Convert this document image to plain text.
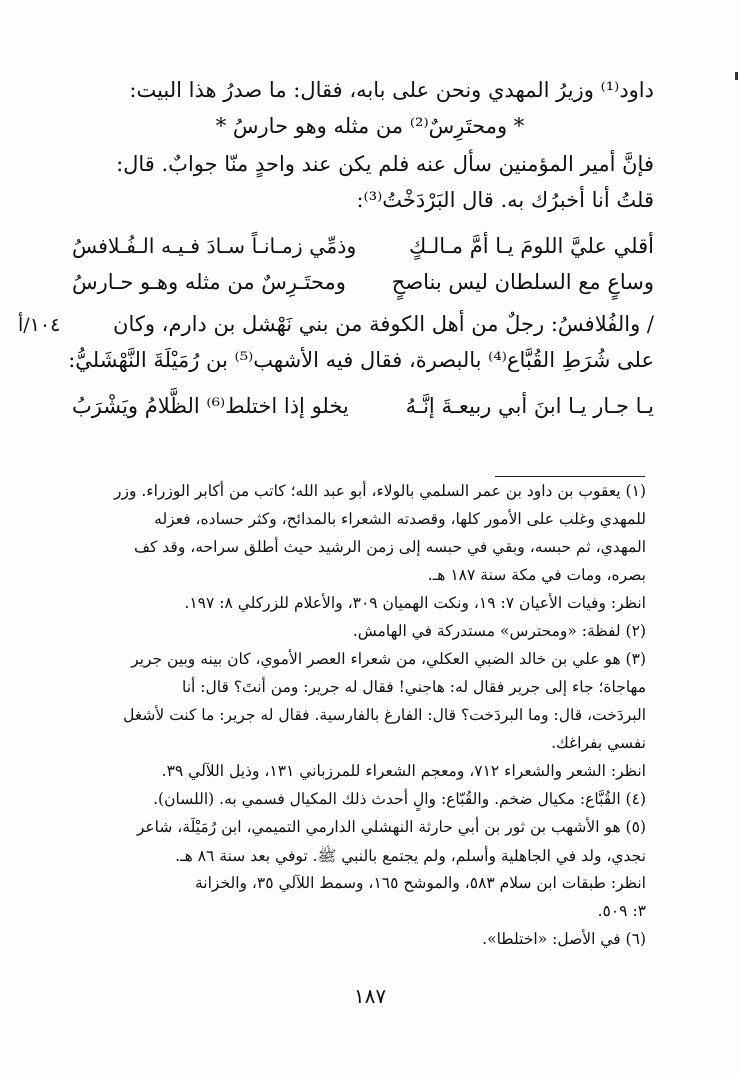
داود⁽¹⁾ وزيرُ المهدي ونحن على بابه، فقال: ما صدرُ هذا البيت:
* ومحتَرِسٌ⁽²⁾ من مثله وهو حارسُ *
فإنَّ أمير المؤمنين سأل عنه فلم يكن عند واحدٍ منّا جوابٌ. قال:
قلتُ أنا أخبرُك به. قال البَرْدَخْتُ⁽³⁾:
أقلي عليَّ اللومَ يـا أمَّ مـالـكٍ
وذمِّي زمـانـاً سـادَ فـيـه الـفُـلافسُ
وساعٍ مع السلطان ليس بناصحٍ
ومحتَـرِسٌ من مثله وهـو حـارسُ
١٠٤/أ	/ والفُلافسُ: رجلٌ من أهل الكوفة من بني نَهْشل بن دارم، وكان
على شُرَطِ القُبَّاع⁽⁴⁾ بالبصرة، فقال فيه الأشهب⁽⁵⁾ بن رُمَيْلَةَ النَّهْشَليُّ:
يـا جـار يـا ابنَ أبي ربيعـةَ إنَّـهُ
يخلو إذا اختلط⁽⁶⁾ الظَّلامُ ويَشْرَبُ
(١) يعقوب بن داود بن عمر السلمي بالولاء، أبو عبد الله؛ كاتب من أكابر الوزراء. وزر
للمهدي وغلب على الأمور كلها، وقصدته الشعراء بالمدائح، وكثر حساده، فعزله
المهدي، ثم حبسه، وبقي في حبسه إلى زمن الرشيد حيث أطلق سراحه، وقد كف
بصره، ومات في مكة سنة ١٨٧ هـ.
انظر: وفيات الأعيان ٧: ١٩، ونكت الهميان ٣٠٩، والأعلام للزركلي ٨: ١٩٧.
(٢) لفظة: «ومحترس» مستدركة في الهامش.
(٣) هو علي بن خالد الضبي العكلي، من شعراء العصر الأموي، كان بينه وبين جرير
مهاجاة؛ جاء إلى جرير فقال له: هاجني! فقال له جرير: ومن أنتَ؟ قال: أنا
البردَخت، قال: وما البردَخت؟ قال: الفارغ بالفارسية. فقال له جرير: ما كنت لأشغل
نفسي بفراغك.
انظر: الشعر والشعراء ٧١٢، ومعجم الشعراء للمرزباني ١٣١، وذيل اللآلي ٣٩.
(٤) القُبَّاع: مكيال ضخم. والقُبّاع: والٍ أحدث ذلك المكيال فسمي به. (اللسان).
(٥) هو الأشهب بن ثور بن أبي حارثة النهشلي الدارمي التميمي، ابن رُمَيْلَة، شاعر
نجدي، ولد في الجاهلية وأسلم، ولم يجتمع بالنبي ﷺ. توفي بعد سنة ٨٦ هـ.
انظر: طبقات ابن سلام ٥٨٣، والموشح ١٦٥، وسمط اللآلي ٣٥، والخزانة
٣: ٥٠٩.
(٦) في الأصل: «اختلطا».
١٨٧
